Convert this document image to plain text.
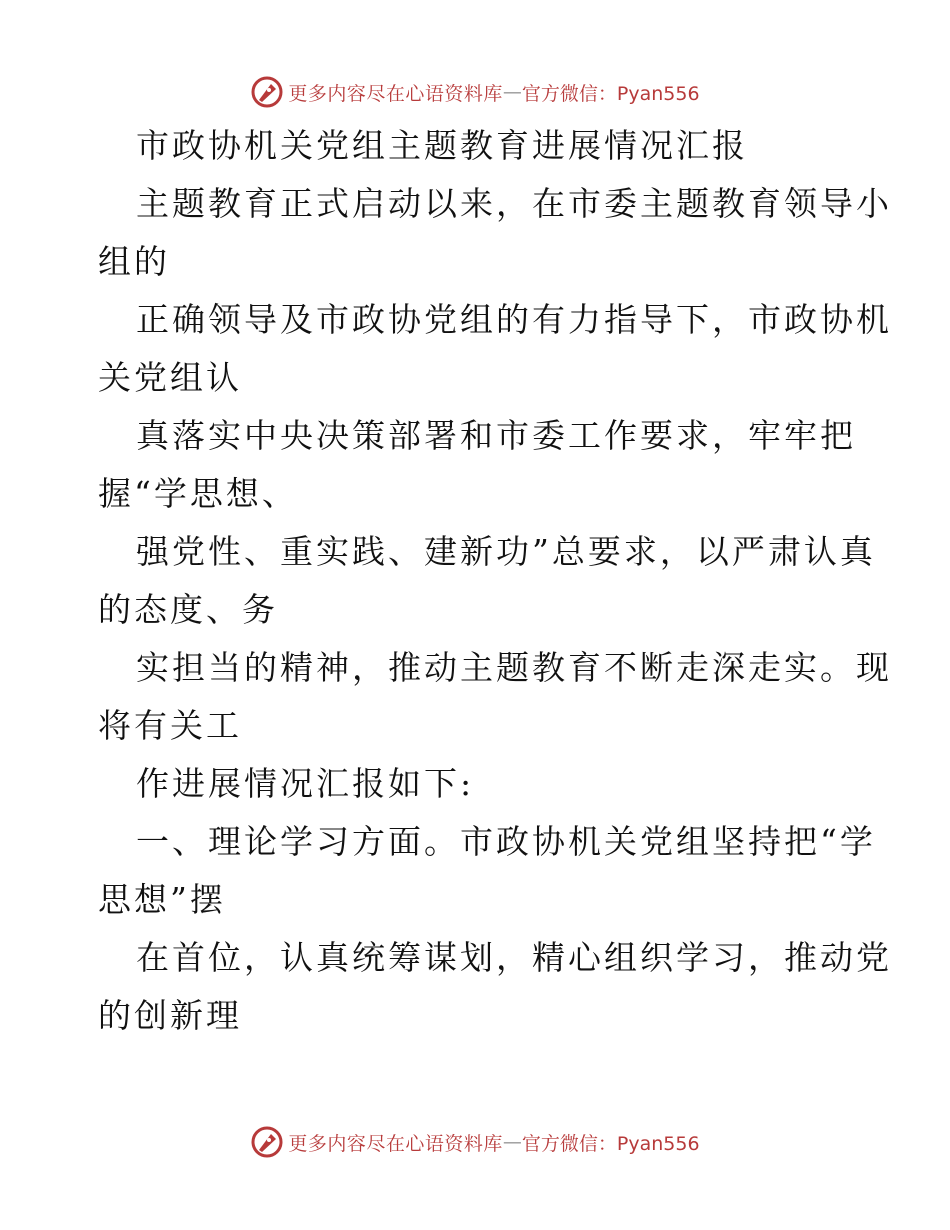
更多内容尽在心语资料库 — 官方微信：Pyan556
市政协机关党组主题教育进展情况汇报
主题教育正式启动以来，在市委主题教育领导小
组的
正确领导及市政协党组的有力指导下，市政协机
关党组认
真落实中央决策部署和市委工作要求，牢牢把
握“学思想、
强党性、重实践、建新功”总要求，以严肃认真
的态度、务
实担当的精神，推动主题教育不断走深走实。现
将有关工
作进展情况汇报如下:
一、理论学习方面。市政协机关党组坚持把“学
思想”摆
在首位，认真统筹谋划，精心组织学习，推动党
的创新理
更多内容尽在心语资料库 — 官方微信：Pyan556
